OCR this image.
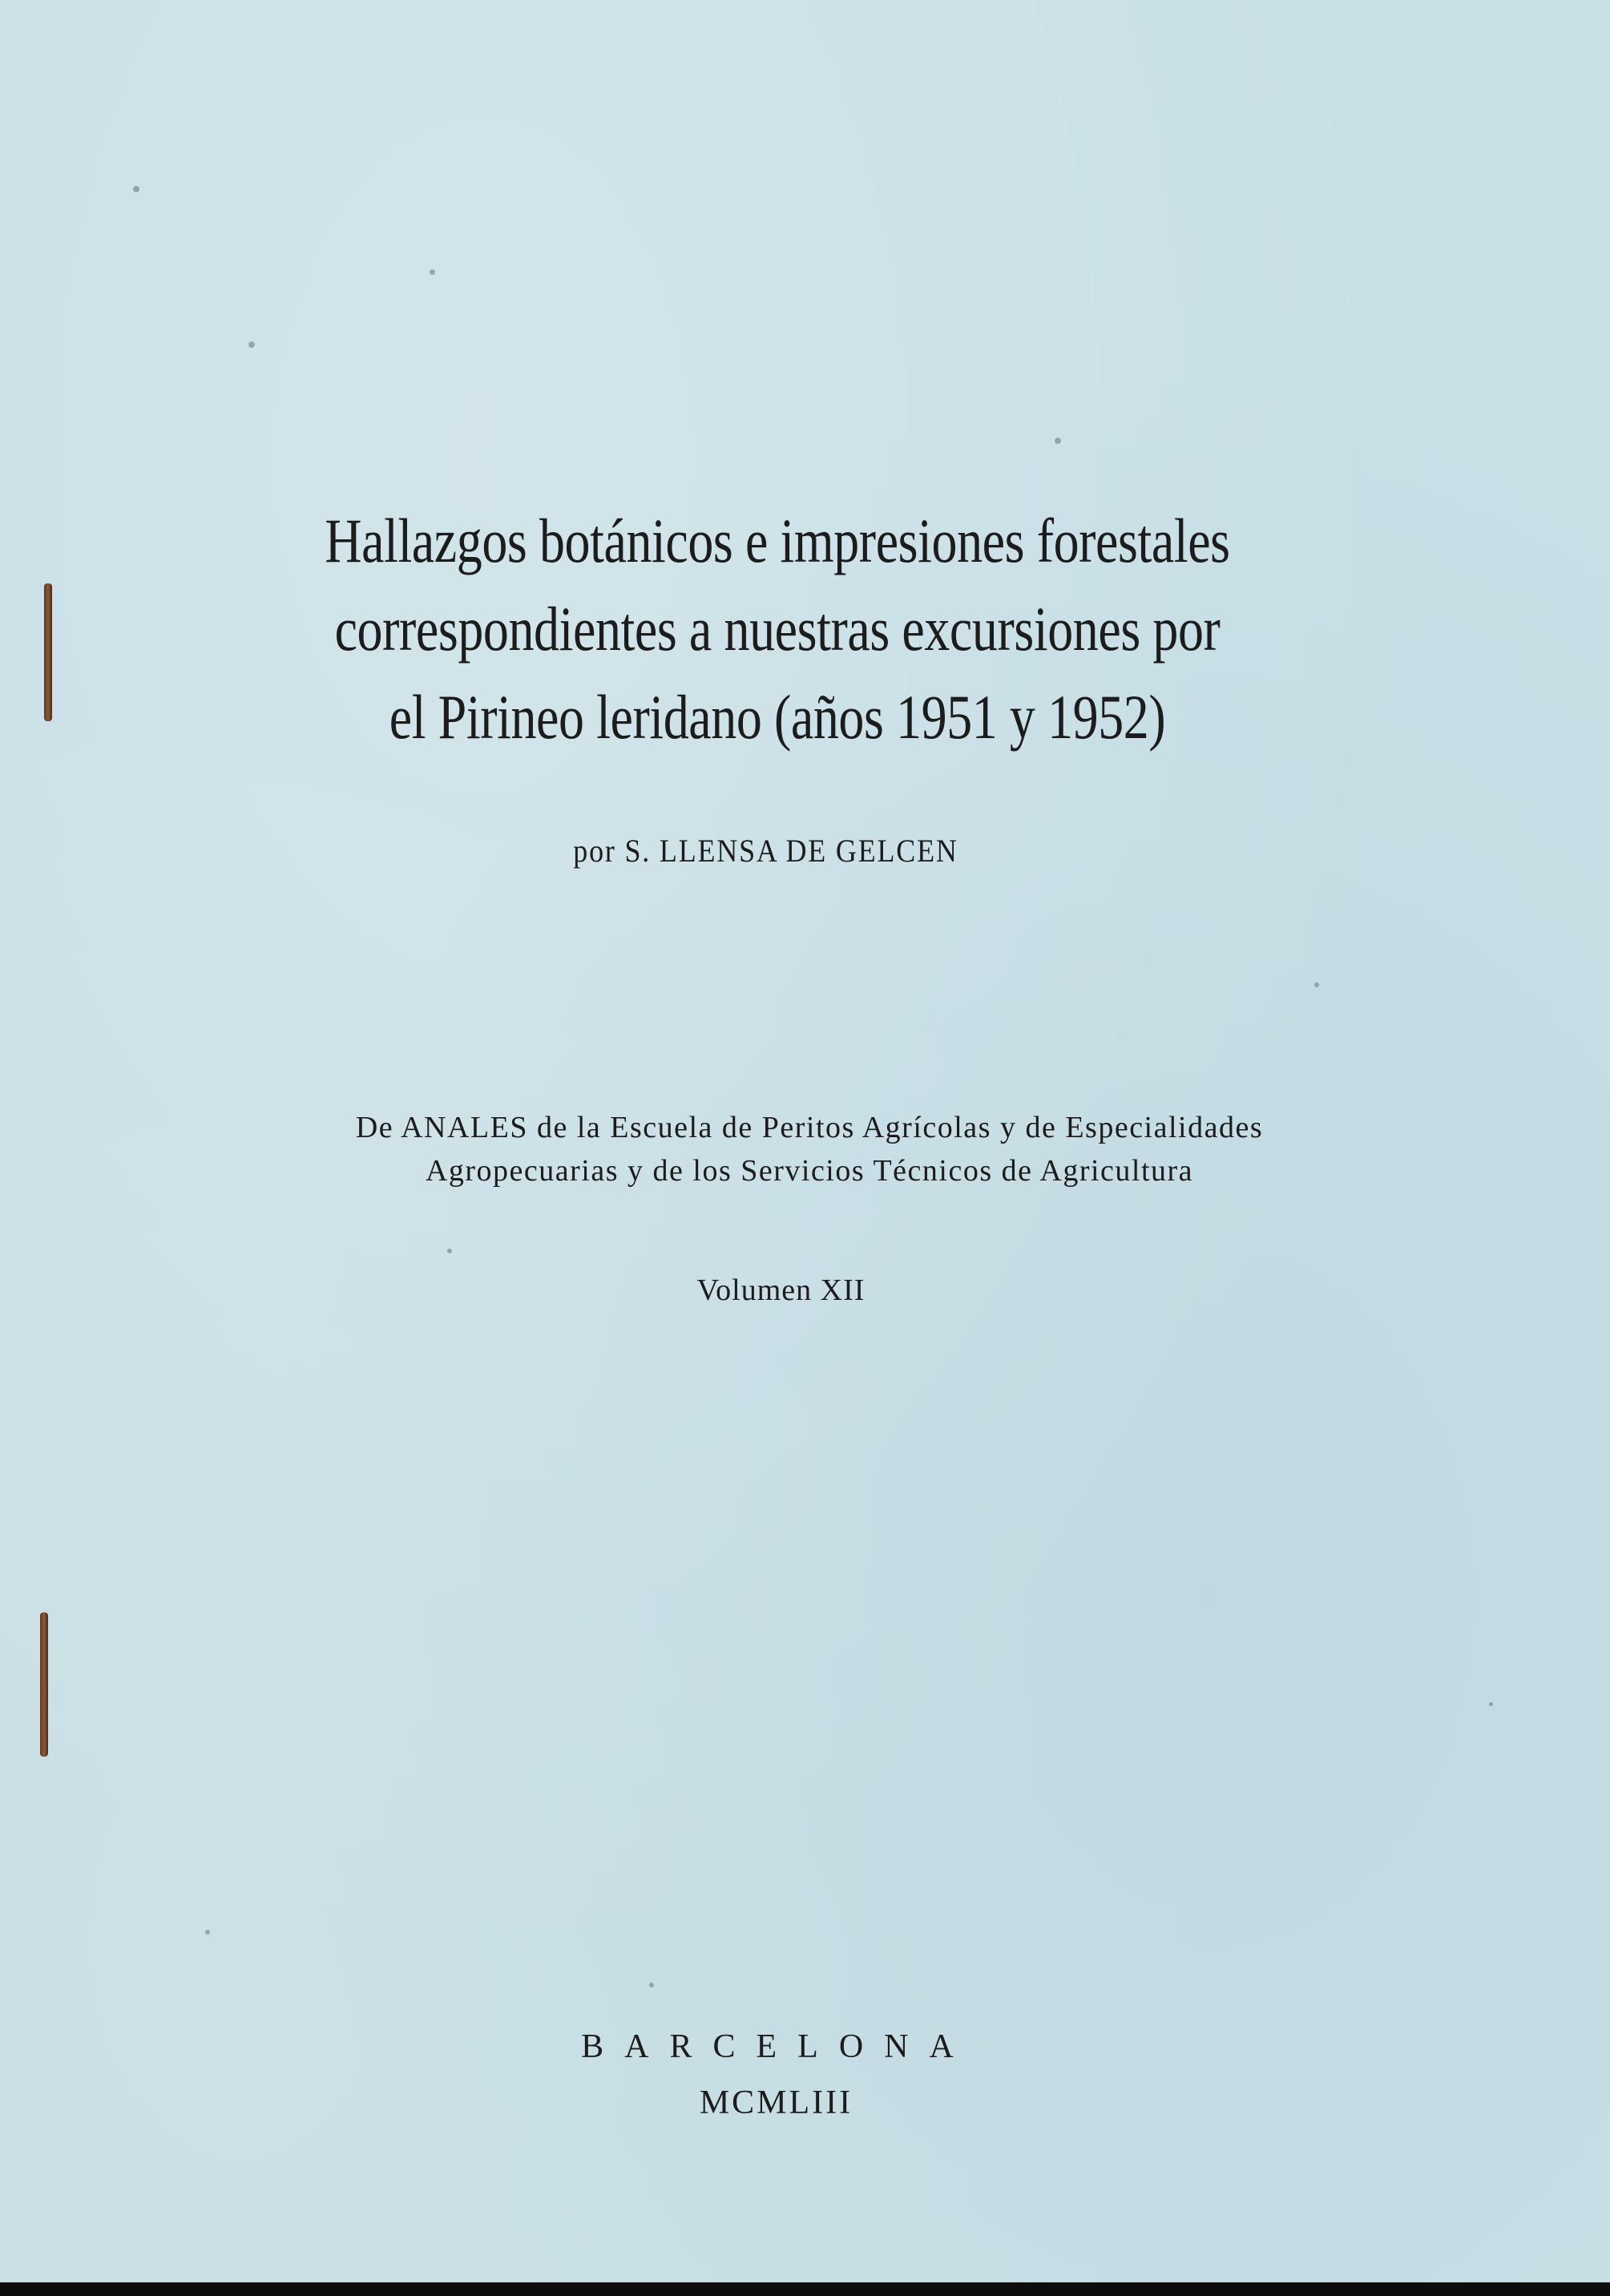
Hallazgos botánicos e impresiones forestales
correspondientes a nuestras excursiones por
el Pirineo leridano (años 1951 y 1952)
por S. LLENSA DE GELCEN
De ANALES de la Escuela de Peritos Agrícolas y de Especialidades
Agropecuarias y de los Servicios Técnicos de Agricultura
Volumen XII
BARCELONA
MCMLIII
